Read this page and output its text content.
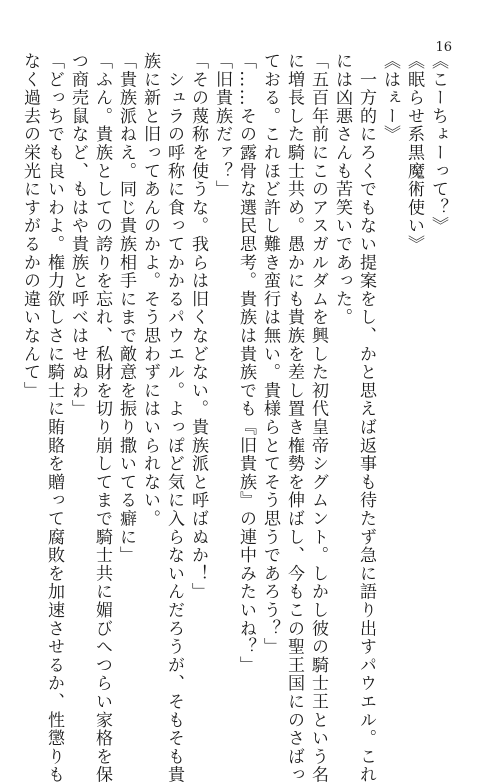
16
《こーちょーって？》
《眠らせ系黒魔術使い》
《はぇー》
　一方的にろくでもない提案をし、かと思えば返事も待たず急に語り出すパウエル。これ
には凶悪さんも苦笑いであった。
「五百年前にこのアスガルダムを興した初代皇帝シグムント。しかし彼の騎士王という名
に増長した騎士共め。愚かにも貴族を差し置き権勢を伸ばし、今もこの聖王国にのさばっ
ておる。これほど許し難き蛮行は無い。貴様らとてそう思うであろう？」
「……その露骨な選民思考。貴族は貴族でも『旧貴族』の連中みたいね？」
「旧貴族だァ？」
「その蔑称を使うな。我らは旧くなどない。貴族派と呼ばぬか！」
　シュラの呼称に食ってかかるパウエル。よっぽど気に入らないんだろうが、そもそも貴
族に新と旧ってあんのかよ。そう思わずにはいられない。
「貴族派ねえ。同じ貴族相手にまで敵意を振り撒いてる癖に」
「ふん。貴族としての誇りを忘れ、私財を切り崩してまで騎士共に媚びへつらい家格を保
つ商売鼠など、もはや貴族と呼べはせぬわ」
「どっちでも良いわよ。権力欲しさに騎士に賄賂を贈って腐敗を加速させるか、性懲りも
なく過去の栄光にすがるかの違いなんて」
